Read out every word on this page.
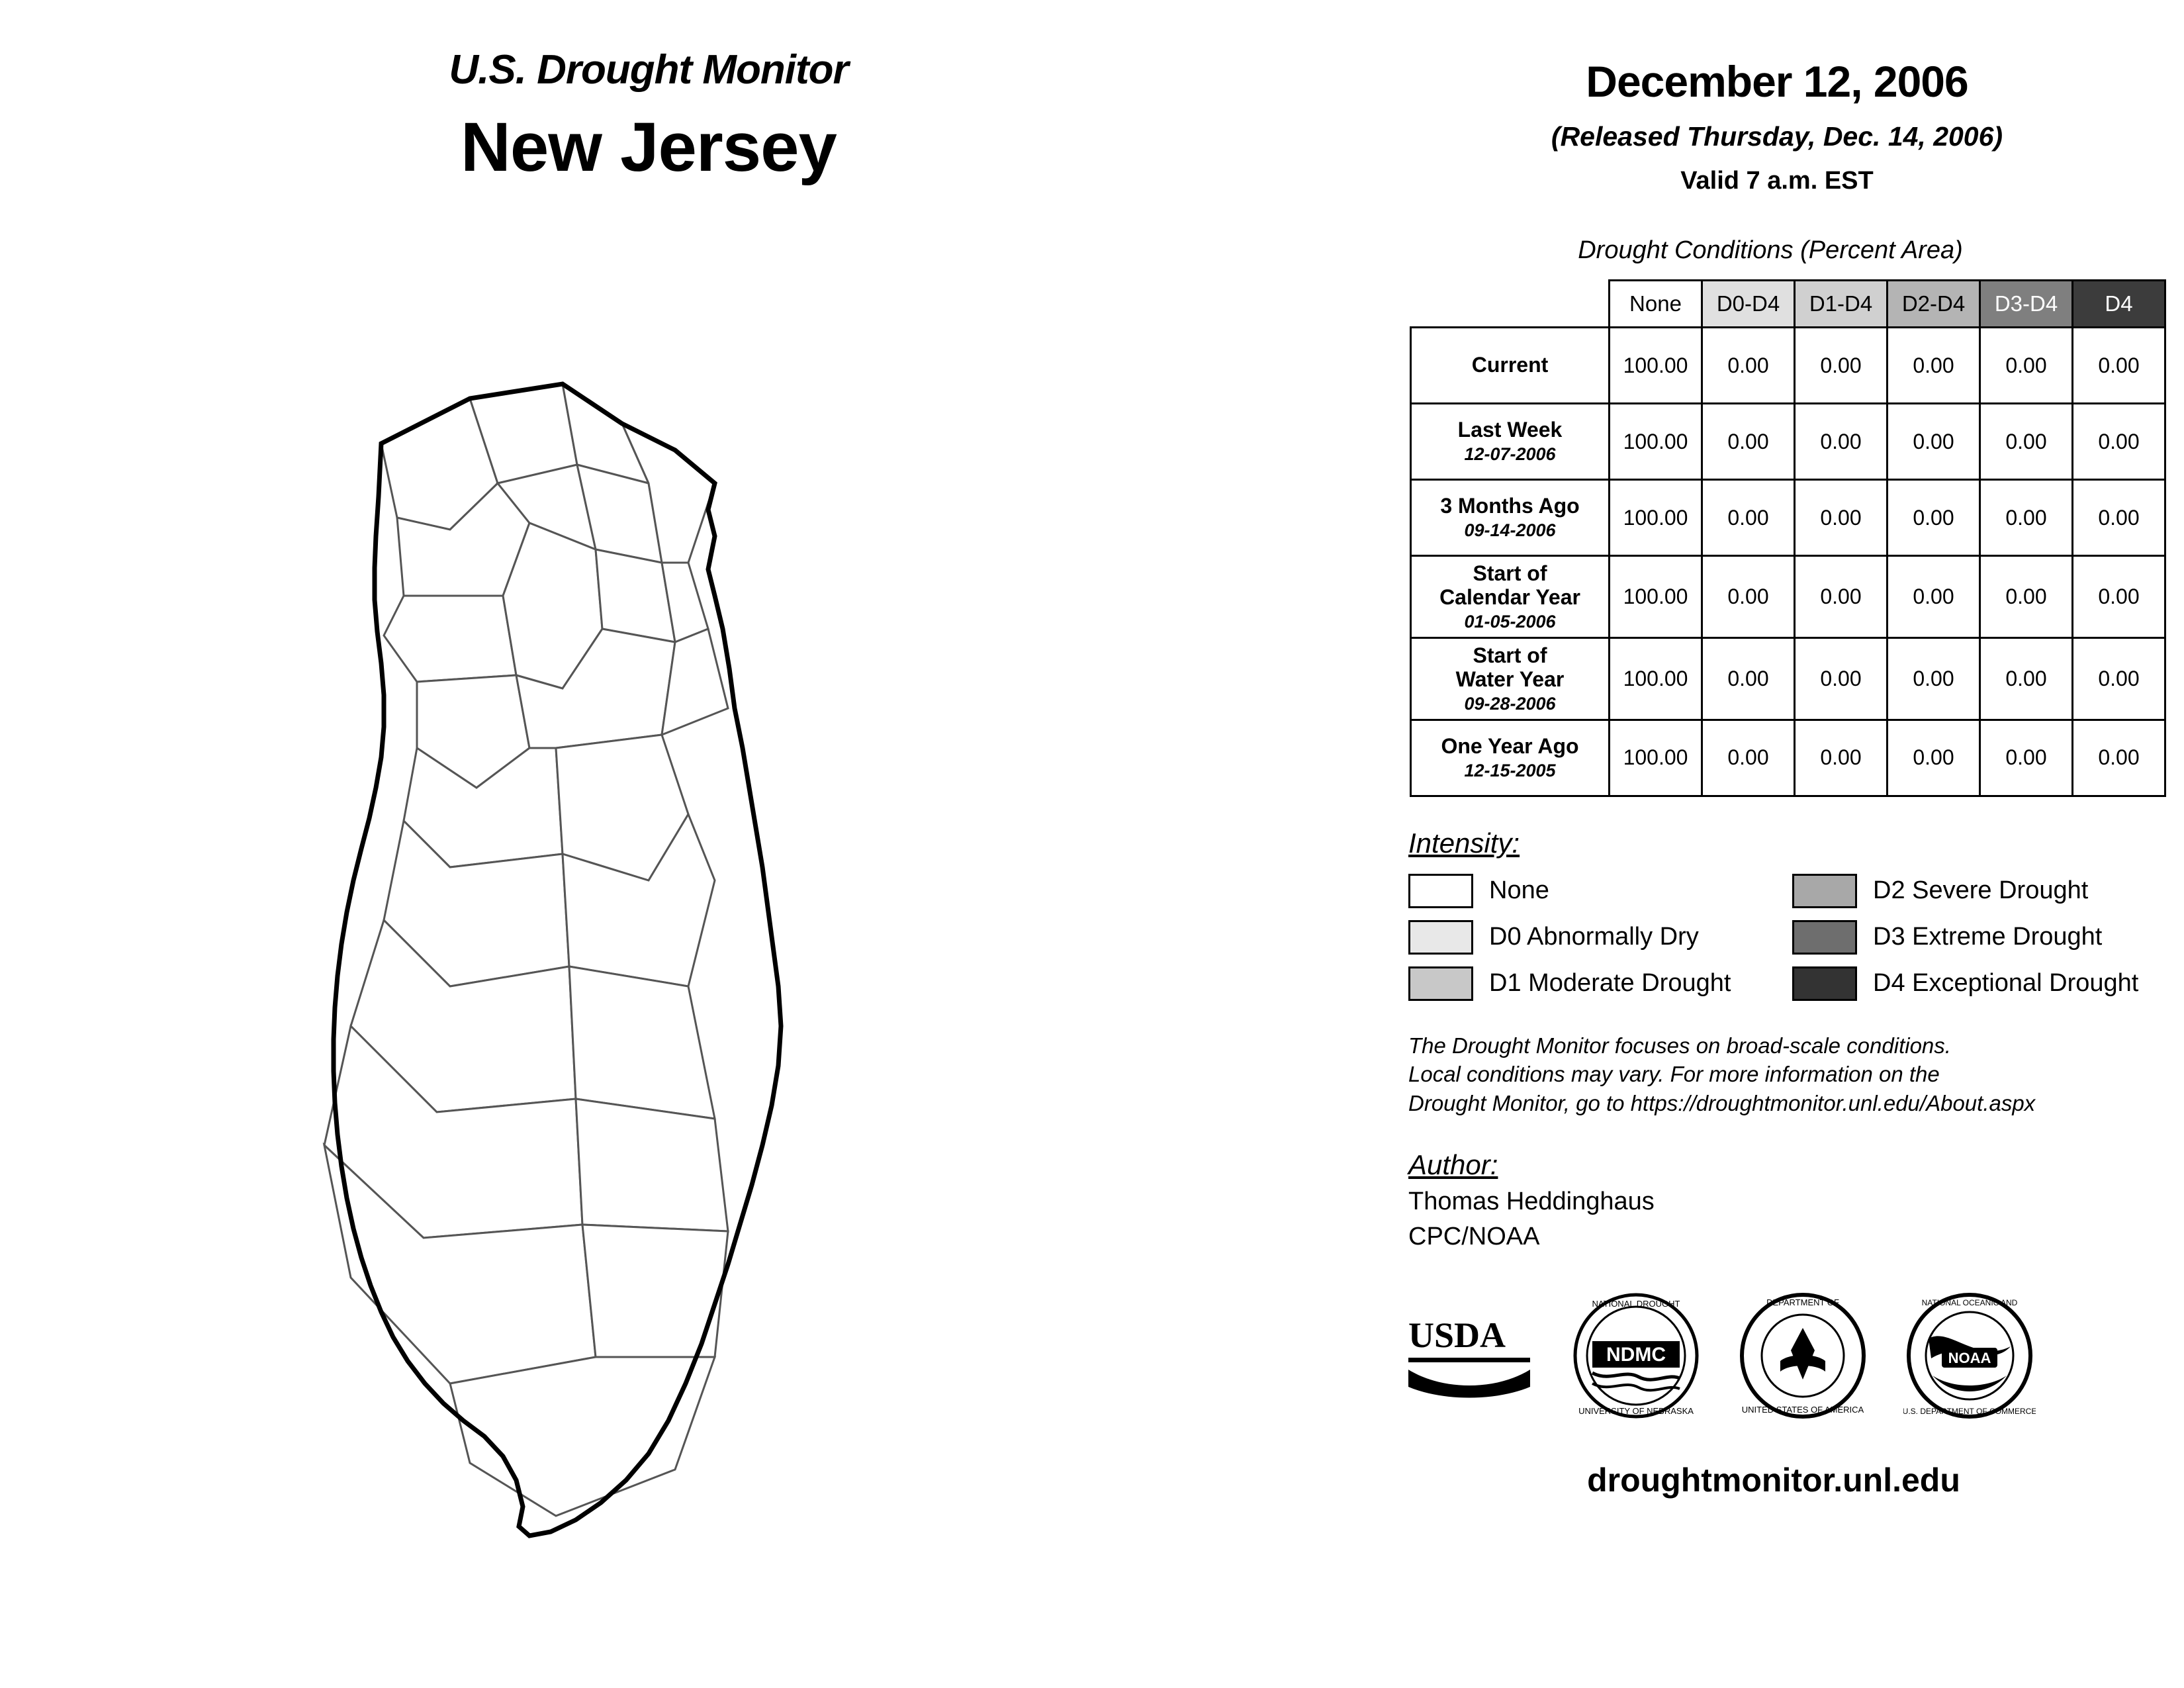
U.S. Drought Monitor
New Jersey
December 12, 2006
(Released Thursday, Dec. 14, 2006)
Valid 7 a.m. EST
Drought Conditions (Percent Area)
	None	D0-D4	D1-D4	D2-D4	D3-D4	D4
Current	100.00	0.00	0.00	0.00	0.00	0.00
Last Week
12-07-2006	100.00	0.00	0.00	0.00	0.00	0.00
3 Months Ago
09-14-2006	100.00	0.00	0.00	0.00	0.00	0.00
Start of
Calendar Year
01-05-2006	100.00	0.00	0.00	0.00	0.00	0.00
Start of
Water Year
09-28-2006	100.00	0.00	0.00	0.00	0.00	0.00
One Year Ago
12-15-2005	100.00	0.00	0.00	0.00	0.00	0.00
Intensity:
None	D2 Severe Drought
D0 Abnormally Dry	D3 Extreme Drought
D1 Moderate Drought	D4 Exceptional Drought
The Drought Monitor focuses on broad-scale conditions.
Local conditions may vary. For more information on the
Drought Monitor, go to https://droughtmonitor.unl.edu/About.aspx
Author:
Thomas Heddinghaus
CPC/NOAA
USDA	NDMC
NATIONAL DROUGHT
UNIVERSITY OF NEBRASKA
DEPARTMENT OF
UNITED STATES OF AMERICA
NOAA
NATIONAL OCEANIC AND
U.S. DEPARTMENT OF COMMERCE
droughtmonitor.unl.edu
